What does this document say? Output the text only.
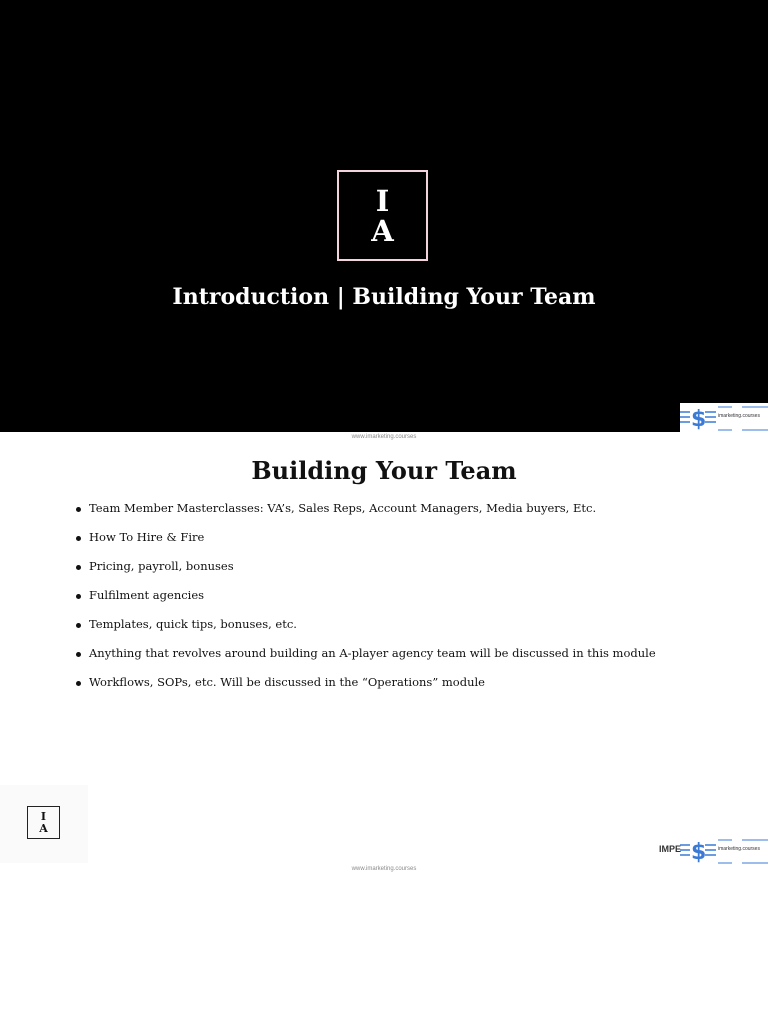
I
A
Introduction | Building Your Team
$ imarketing.courses
www.imarketing.courses
Building Your Team
Team Member Masterclasses: VA’s, Sales Reps, Account Managers, Media buyers, Etc.
How To Hire & Fire
Pricing, payroll, bonuses
Fulfilment agencies
Templates, quick tips, bonuses, etc.
Anything that revolves around building an A-player agency team will be discussed in this module
Workflows, SOPs, etc. Will be discussed in the “Operations” module
I
A
IMPE $ imarketing.courses
www.imarketing.courses
